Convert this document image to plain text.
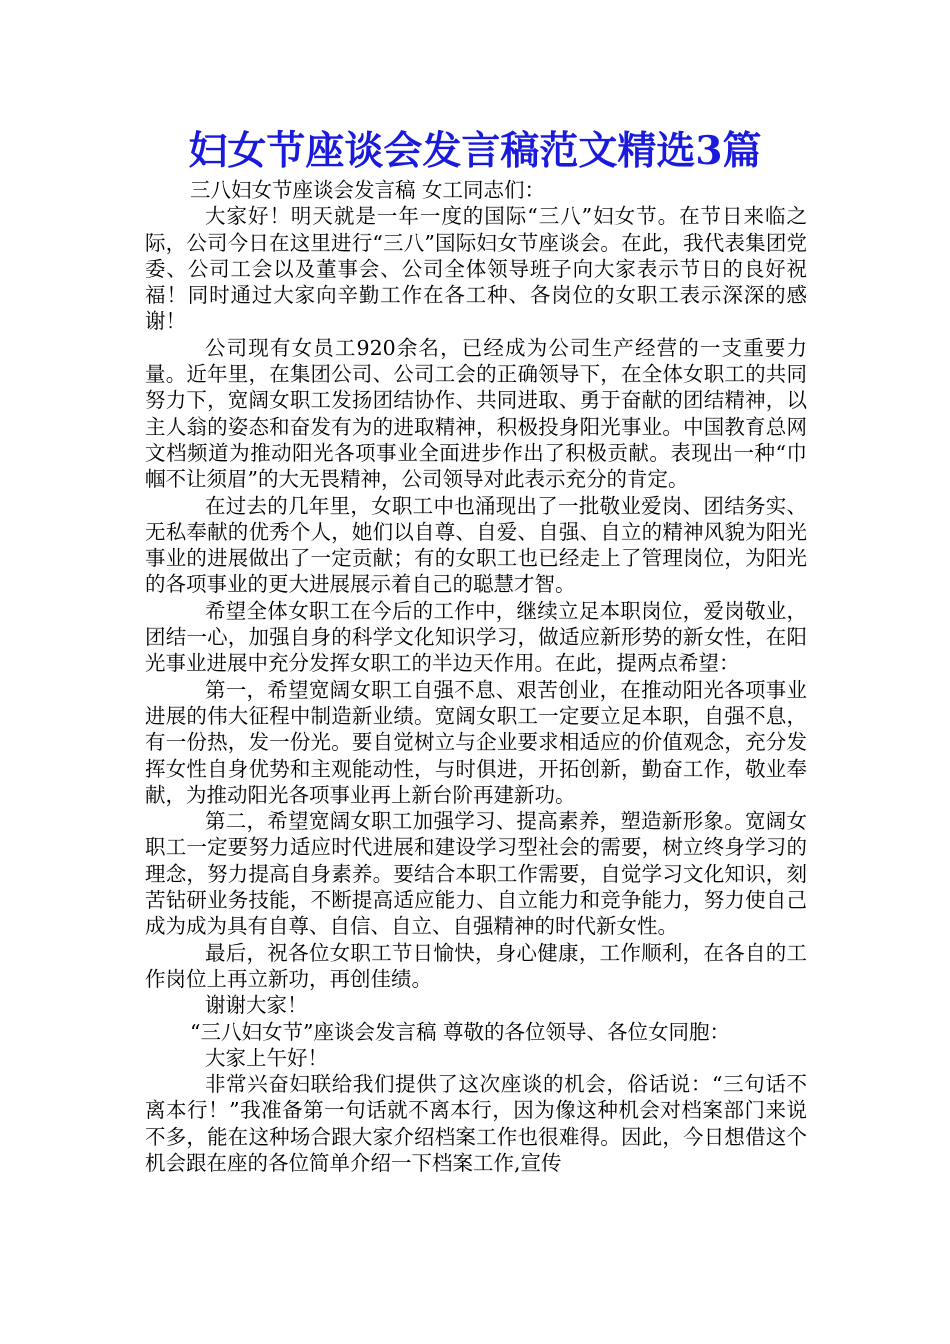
妇女节座谈会发言稿范文精选3篇

三八妇女节座谈会发言稿 女工同志们：

大家好！明天就是一年一度的国际“三八”妇女节。在节日来临之际，公司今日在这里进行“三八”国际妇女节座谈会。在此，我代表集团党委、公司工会以及董事会、公司全体领导班子向大家表示节日的良好祝福！同时通过大家向辛勤工作在各工种、各岗位的女职工表示深深的感谢！

公司现有女员工920余名，已经成为公司生产经营的一支重要力量。近年里，在集团公司、公司工会的正确领导下，在全体女职工的共同努力下，宽阔女职工发扬团结协作、共同进取、勇于奋献的团结精神，以主人翁的姿态和奋发有为的进取精神，积极投身阳光事业。中国教育总网文档频道为推动阳光各项事业全面进步作出了积极贡献。表现出一种“巾帼不让须眉”的大无畏精神，公司领导对此表示充分的肯定。

在过去的几年里，女职工中也涌现出了一批敬业爱岗、团结务实、无私奉献的优秀个人，她们以自尊、自爱、自强、自立的精神风貌为阳光事业的进展做出了一定贡献；有的女职工也已经走上了管理岗位，为阳光的各项事业的更大进展展示着自己的聪慧才智。

希望全体女职工在今后的工作中，继续立足本职岗位，爱岗敬业，团结一心，加强自身的科学文化知识学习，做适应新形势的新女性，在阳光事业进展中充分发挥女职工的半边天作用。在此，提两点希望：

第一，希望宽阔女职工自强不息、艰苦创业，在推动阳光各项事业进展的伟大征程中制造新业绩。宽阔女职工一定要立足本职，自强不息，有一份热，发一份光。要自觉树立与企业要求相适应的价值观念，充分发挥女性自身优势和主观能动性，与时俱进，开拓创新，勤奋工作，敬业奉献，为推动阳光各项事业再上新台阶再建新功。

第二，希望宽阔女职工加强学习、提高素养，塑造新形象。宽阔女职工一定要努力适应时代进展和建设学习型社会的需要，树立终身学习的理念，努力提高自身素养。要结合本职工作需要，自觉学习文化知识，刻苦钻研业务技能，不断提高适应能力、自立能力和竞争能力，努力使自己成为成为具有自尊、自信、自立、自强精神的时代新女性。

最后，祝各位女职工节日愉快，身心健康，工作顺利，在各自的工作岗位上再立新功，再创佳绩。

谢谢大家！

“三八妇女节”座谈会发言稿 尊敬的各位领导、各位女同胞：

大家上午好！

非常兴奋妇联给我们提供了这次座谈的机会，俗话说：“三句话不离本行！”我准备第一句话就不离本行，因为像这种机会对档案部门来说不多，能在这种场合跟大家介绍档案工作也很难得。因此，今日想借这个机会跟在座的各位简单介绍一下档案工作,宣传
